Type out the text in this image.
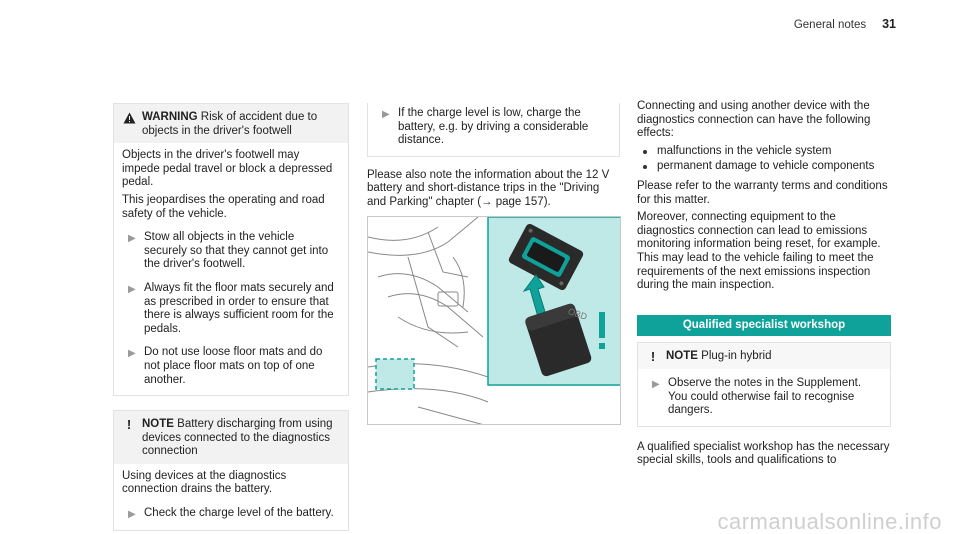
General notes 31
WARNING Risk of accident due to objects in the driver's footwell

Objects in the driver's footwell may impede pedal travel or block a depressed pedal.

This jeopardises the operating and road safety of the vehicle.

▶ Stow all objects in the vehicle securely so that they cannot get into the driver's footwell.
▶ Always fit the floor mats securely and as prescribed in order to ensure that there is always sufficient room for the pedals.
▶ Do not use loose floor mats and do not place floor mats on top of one another.
! NOTE Battery discharging from using devices connected to the diagnostics connection

Using devices at the diagnostics connection drains the battery.

▶ Check the charge level of the battery.
▶ If the charge level is low, charge the battery, e.g. by driving a considerable distance.

Please also note the information about the 12 V battery and short-distance trips in the "Driving and Parking" chapter (→ page 157).

OBD

Connecting and using another device with the diagnostics connection can have the following effects:

malfunctions in the vehicle system
permanent damage to vehicle components

Please refer to the warranty terms and conditions for this matter.

Moreover, connecting equipment to the diagnostics connection can lead to emissions monitoring information being reset, for example. This may lead to the vehicle failing to meet the requirements of the next emissions inspection during the main inspection.

Qualified specialist workshop
! NOTE Plug-in hybrid
▶ Observe the notes in the Supplement. You could otherwise fail to recognise dangers.

A qualified specialist workshop has the necessary special skills, tools and qualifications to

carmanualsonline.info
